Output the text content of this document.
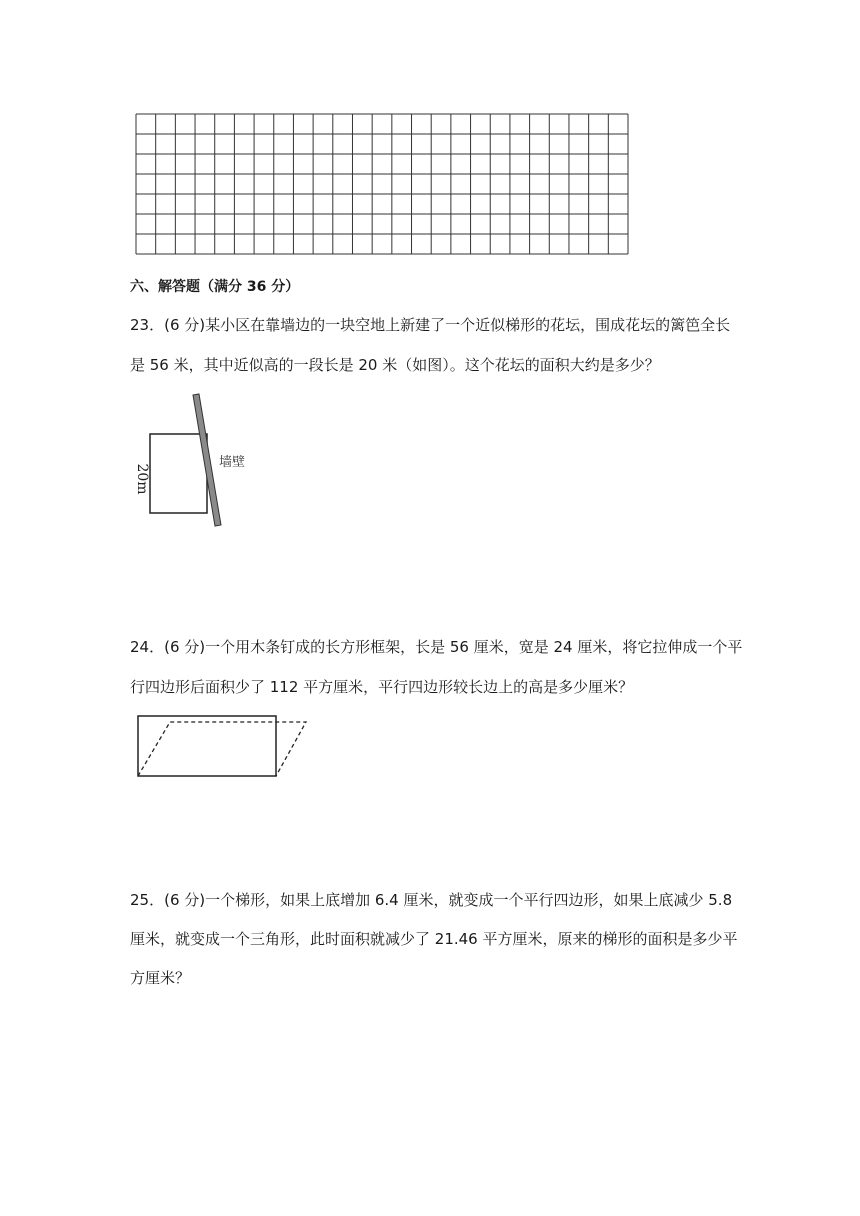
六、解答题（满分 36 分）
23．(6 分)某小区在靠墙边的一块空地上新建了一个近似梯形的花坛，围成花坛的篱笆全长
是 56 米，其中近似高的一段长是 20 米（如图）。这个花坛的面积大约是多少？
20m
墙壁
24．(6 分)一个用木条钉成的长方形框架，长是 56 厘米，宽是 24 厘米，将它拉伸成一个平
行四边形后面积少了 112 平方厘米，平行四边形较长边上的高是多少厘米？
25．(6 分)一个梯形，如果上底增加 6.4 厘米，就变成一个平行四边形，如果上底减少 5.8
厘米，就变成一个三角形，此时面积就减少了 21.46 平方厘米，原来的梯形的面积是多少平
方厘米？
